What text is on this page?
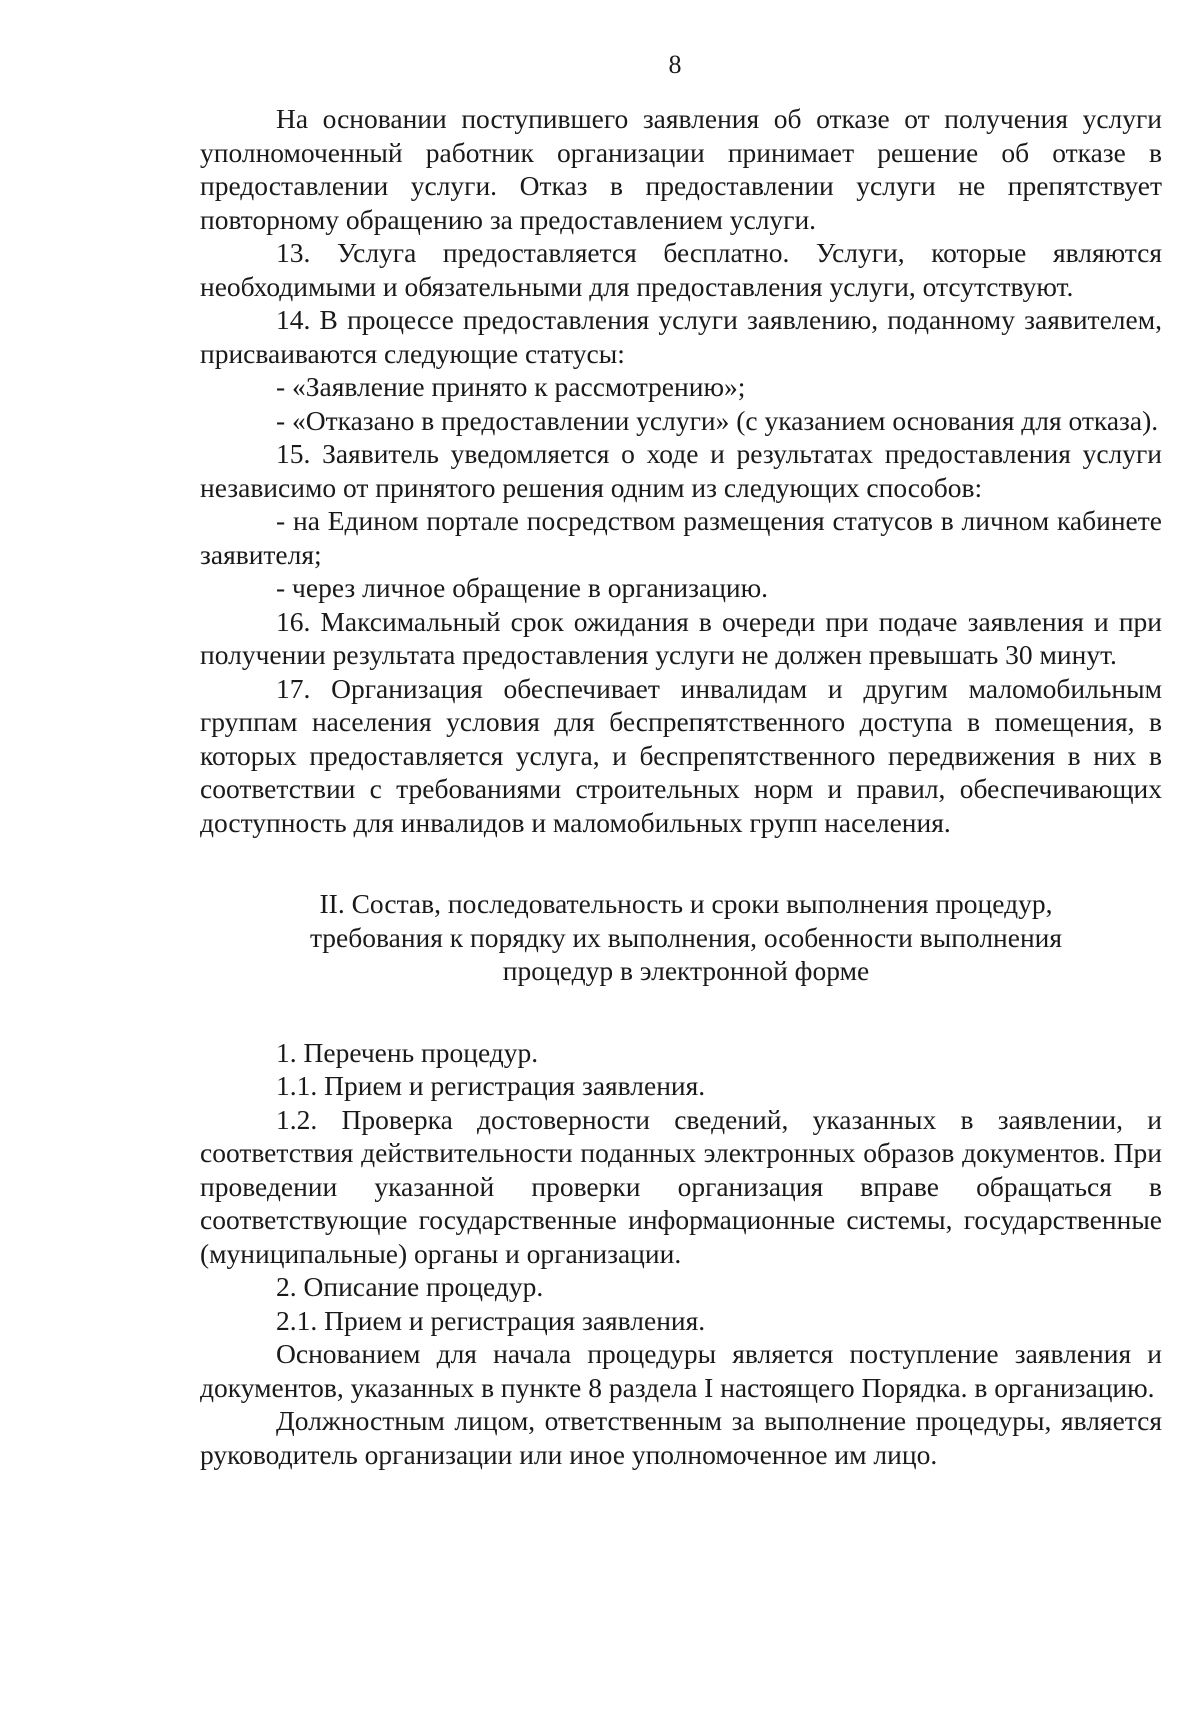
8

На основании поступившего заявления об отказе от получения услуги уполномоченный работник организации принимает решение об отказе в предоставлении услуги. Отказ в предоставлении услуги не препятствует повторному обращению за предоставлением услуги.

13. Услуга предоставляется бесплатно. Услуги, которые являются необходимыми и обязательными для предоставления услуги, отсутствуют.

14. В процессе предоставления услуги заявлению, поданному заявителем, присваиваются следующие статусы:

- «Заявление принято к рассмотрению»;

- «Отказано в предоставлении услуги» (с указанием основания для отказа).

15. Заявитель уведомляется о ходе и результатах предоставления услуги независимо от принятого решения одним из следующих способов:

- на Едином портале посредством размещения статусов в личном кабинете заявителя;

- через личное обращение в организацию.

16. Максимальный срок ожидания в очереди при подаче заявления и при получении результата предоставления услуги не должен превышать 30 минут.

17. Организация обеспечивает инвалидам и другим маломобильным группам населения условия для беспрепятственного доступа в помещения, в которых предоставляется услуга, и беспрепятственного передвижения в них в соответствии с требованиями строительных норм и правил, обеспечивающих доступность для инвалидов и маломобильных групп населения.

II. Состав, последовательность и сроки выполнения процедур,
требования к порядку их выполнения, особенности выполнения
процедур в электронной форме

1. Перечень процедур.

1.1. Прием и регистрация заявления.

1.2. Проверка достоверности сведений, указанных в заявлении, и соответствия действительности поданных электронных образов документов. При проведении указанной проверки организация вправе обращаться в соответствующие государственные информационные системы, государственные (муниципальные) органы и организации.

2. Описание процедур.

2.1. Прием и регистрация заявления.

Основанием для начала процедуры является поступление заявления и документов, указанных в пункте 8 раздела I настоящего Порядка. в организацию.

Должностным лицом, ответственным за выполнение процедуры, является руководитель организации или иное уполномоченное им лицо.
